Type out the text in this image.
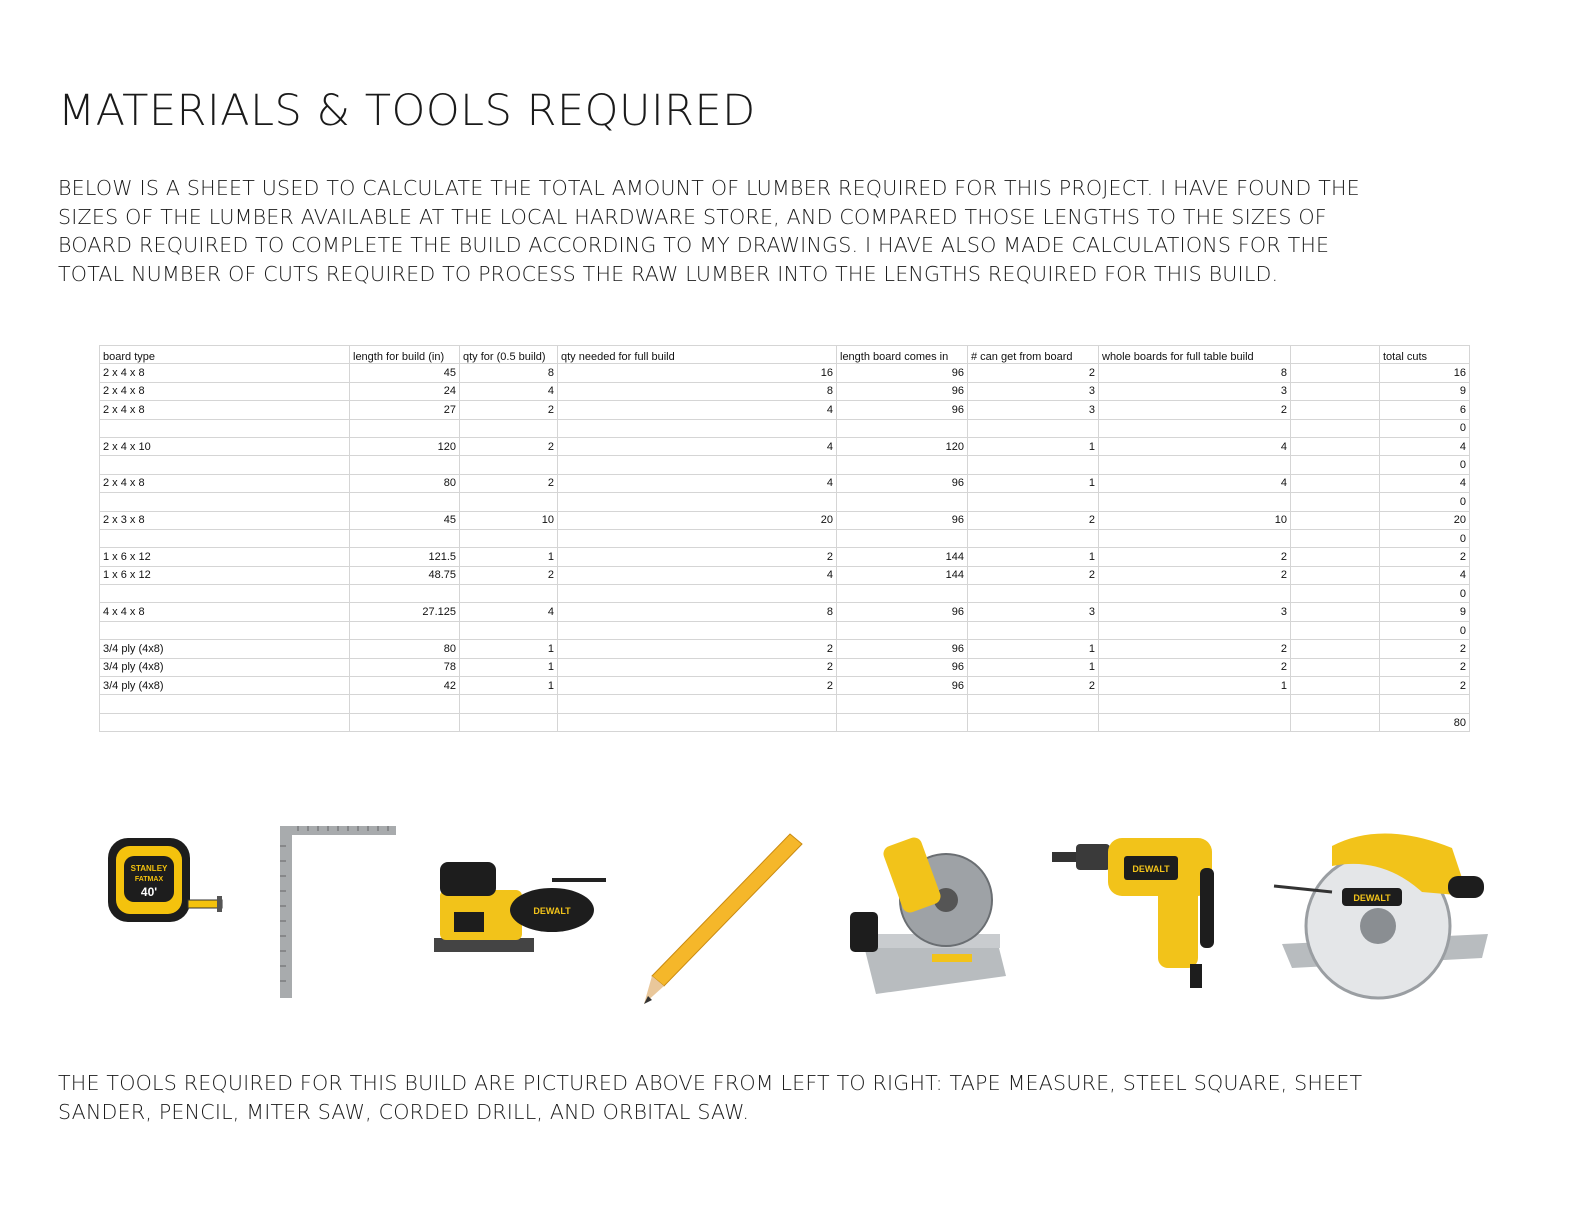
MATERIALS & TOOLS REQUIRED

BELOW IS A SHEET USED TO CALCULATE THE TOTAL AMOUNT OF LUMBER REQUIRED FOR THIS PROJECT. I HAVE FOUND THE SIZES OF THE LUMBER AVAILABLE AT THE LOCAL HARDWARE STORE, AND COMPARED THOSE LENGTHS TO THE SIZES OF BOARD REQUIRED TO COMPLETE THE BUILD ACCORDING TO MY DRAWINGS. I HAVE ALSO MADE CALCULATIONS FOR THE TOTAL NUMBER OF CUTS REQUIRED TO PROCESS THE RAW LUMBER INTO THE LENGTHS REQUIRED FOR THIS BUILD.

board type	length for build (in)	qty for (0.5 build)	qty needed for full build	length board comes in	# can get from board	whole boards for full table build		total cuts
2 x 4 x 8	45	8	16	96	2	8		16
2 x 4 x 8	24	4	8	96	3	3		9
2 x 4 x 8	27	2	4	96	3	2		6
								0
2 x 4 x 10	120	2	4	120	1	4		4
								0
2 x 4 x 8	80	2	4	96	1	4		4
								0
2 x 3 x 8	45	10	20	96	2	10		20
								0
1 x 6 x 12	121.5	1	2	144	1	2		2
1 x 6 x 12	48.75	2	4	144	2	2		4
								0
4 x 4 x 8	27.125	4	8	96	3	3		9
								0
3/4 ply (4x8)	80	1	2	96	1	2		2
3/4 ply (4x8)	78	1	2	96	1	2		2
3/4 ply (4x8)	42	1	2	96	2	1		2

								80
STANLEY
FATMAX
40'
DEWALT
DEWALT
DEWALT

THE TOOLS REQUIRED FOR THIS BUILD ARE PICTURED ABOVE FROM LEFT TO RIGHT: TAPE MEASURE, STEEL SQUARE, SHEET SANDER, PENCIL, MITER SAW, CORDED DRILL, AND ORBITAL SAW.
